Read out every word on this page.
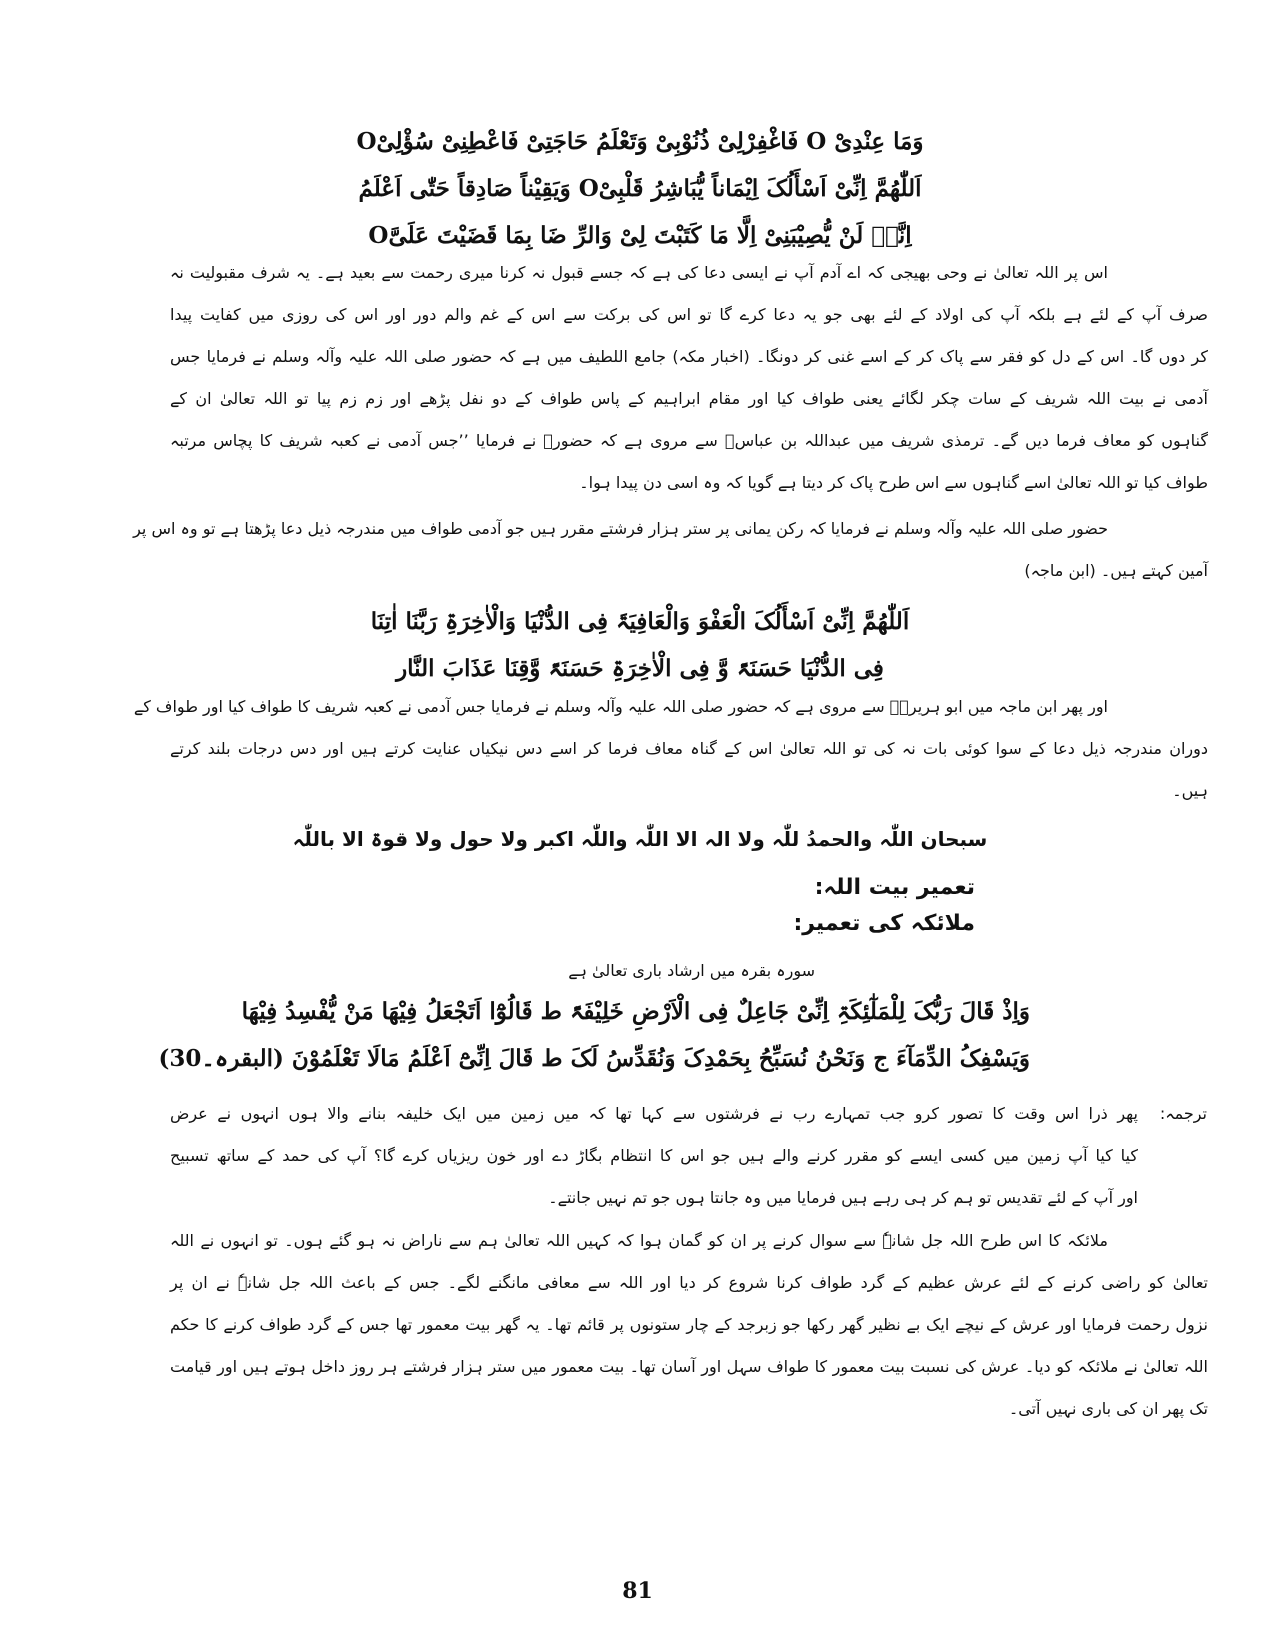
وَمَا عِنْدِیْ O فَاغْفِرْلِیْ ذُنُوْبِیْ وَتَعْلَمُ حَاجَتِیْ فَاعْطِنِیْ سُؤْلِیْO
اَللّٰھُمَّ اِنِّیْ اَسْأَلُکَ اِیْمَاناً یُّبَاشِرُ قَلْبِیْO وَیَقِیْناً صَادِقاً حَتّٰی اَعْلَمُ
اِنَّہٗ لَنْ یُّصِیْبَنِیْ اِلَّا مَا کَتَبْتَ لِیْ وَالرِّ ضَا بِمَا قَضَیْتَ عَلَیَّO
اس پر اللہ تعالیٰ نے وحی بھیجی کہ اے آدم آپ نے ایسی دعا کی ہے کہ جسے قبول نہ کرنا میری رحمت سے بعید ہے۔ یہ شرف مقبولیت نہ
صرف آپ کے لئے ہے بلکہ آپ کی اولاد کے لئے بھی جو یہ دعا کرے گا تو اس کی برکت سے اس کے غم والم دور اور اس کی روزی میں کفایت پیدا
کر دوں گا۔ اس کے دل کو فقر سے پاک کر کے اسے غنی کر دونگا۔ (اخبار مکہ) جامع اللطیف میں ہے کہ حضور صلی اللہ علیہ وآلہ وسلم نے فرمایا جس
آدمی نے بیت اللہ شریف کے سات چکر لگائے یعنی طواف کیا اور مقام ابراہیم کے پاس طواف کے دو نفل پڑھے اور زم زم پیا تو اللہ تعالیٰ ان کے
گناہوں کو معاف فرما دیں گے۔ ترمذی شریف میں عبداللہ بن عباسؓ سے مروی ہے کہ حضورؐ نے فرمایا ’’جس آدمی نے کعبہ شریف کا پچاس مرتبہ
طواف کیا تو اللہ تعالیٰ اسے گناہوں سے اس طرح پاک کر دیتا ہے گویا کہ وہ اسی دن پیدا ہوا۔
حضور صلی اللہ علیہ وآلہ وسلم نے فرمایا کہ رکن یمانی پر ستر ہزار فرشتے مقرر ہیں جو آدمی طواف میں مندرجہ ذیل دعا پڑھتا ہے تو وہ اس پر
آمین کہتے ہیں۔ (ابن ماجہ)
اَللّٰھُمَّ اِنِّیْ اَسْأَلُکَ الْعَفْوَ وَالْعَافِیَۃَ فِی الدُّنْیَا وَالْاٰخِرَۃِ رَبَّنَا اٰتِنَا
فِی الدُّنْیَا حَسَنَۃً وَّ فِی الْاٰخِرَۃِ حَسَنَۃً وَّقِنَا عَذَابَ النَّار
اور پھر ابن ماجہ میں ابو ہریرہؓ سے مروی ہے کہ حضور صلی اللہ علیہ وآلہ وسلم نے فرمایا جس آدمی نے کعبہ شریف کا طواف کیا اور طواف کے
دوران مندرجہ ذیل دعا کے سوا کوئی بات نہ کی تو اللہ تعالیٰ اس کے گناہ معاف فرما کر اسے دس نیکیاں عنایت کرتے ہیں اور دس درجات بلند کرتے
ہیں۔
سبحان اللّٰہ والحمدُ للّٰہ ولا الہ الا اللّٰہ واللّٰہ اکبر ولا حول ولا قوۃ الا باللّٰہ
تعمیر بیت اللہ:
ملائکہ کی تعمیر:
سورہ بقرہ میں ارشاد باری تعالیٰ ہے
وَاِذْ قَالَ رَبُّکَ لِلْمَلٰٓئِکَۃِ اِنِّیْ جَاعِلٌ فِی الْاَرْضِ خَلِیْفَۃً ط قَالُوْٓا اَتَجْعَلُ فِیْھَا مَنْ یُّفْسِدُ فِیْھَا
وَیَسْفِکُ الدِّمَآءَ ج وَنَحْنُ نُسَبِّحُ بِحَمْدِکَ وَنُقَدِّسُ لَکَ ط قَالَ اِنِّیْٓ اَعْلَمُ مَالَا تَعْلَمُوْنَ (البقرہ۔30)
ترجمہ:
پھر ذرا اس وقت کا تصور کرو جب تمہارے رب نے فرشتوں سے کہا تھا کہ میں زمین میں ایک خلیفہ بنانے والا ہوں انہوں نے عرض
کیا کیا آپ زمین میں کسی ایسے کو مقرر کرنے والے ہیں جو اس کا انتظام بگاڑ دے اور خون ریزیاں کرے گا؟ آپ کی حمد کے ساتھ تسبیح
اور آپ کے لئے تقدیس تو ہم کر ہی رہے ہیں فرمایا میں وہ جانتا ہوں جو تم نہیں جانتے۔
ملائکہ کا اس طرح اللہ جل شانہٗ سے سوال کرنے پر ان کو گمان ہوا کہ کہیں اللہ تعالیٰ ہم سے ناراض نہ ہو گئے ہوں۔ تو انہوں نے اللہ
تعالیٰ کو راضی کرنے کے لئے عرش عظیم کے گرد طواف کرنا شروع کر دیا اور اللہ سے معافی مانگنے لگے۔ جس کے باعث اللہ جل شانہٗ نے ان پر
نزول رحمت فرمایا اور عرش کے نیچے ایک بے نظیر گھر رکھا جو زبرجد کے چار ستونوں پر قائم تھا۔ یہ گھر بیت معمور تھا جس کے گرد طواف کرنے کا حکم
اللہ تعالیٰ نے ملائکہ کو دیا۔ عرش کی نسبت بیت معمور کا طواف سہل اور آسان تھا۔ بیت معمور میں ستر ہزار فرشتے ہر روز داخل ہوتے ہیں اور قیامت
تک پھر ان کی باری نہیں آتی۔
81
